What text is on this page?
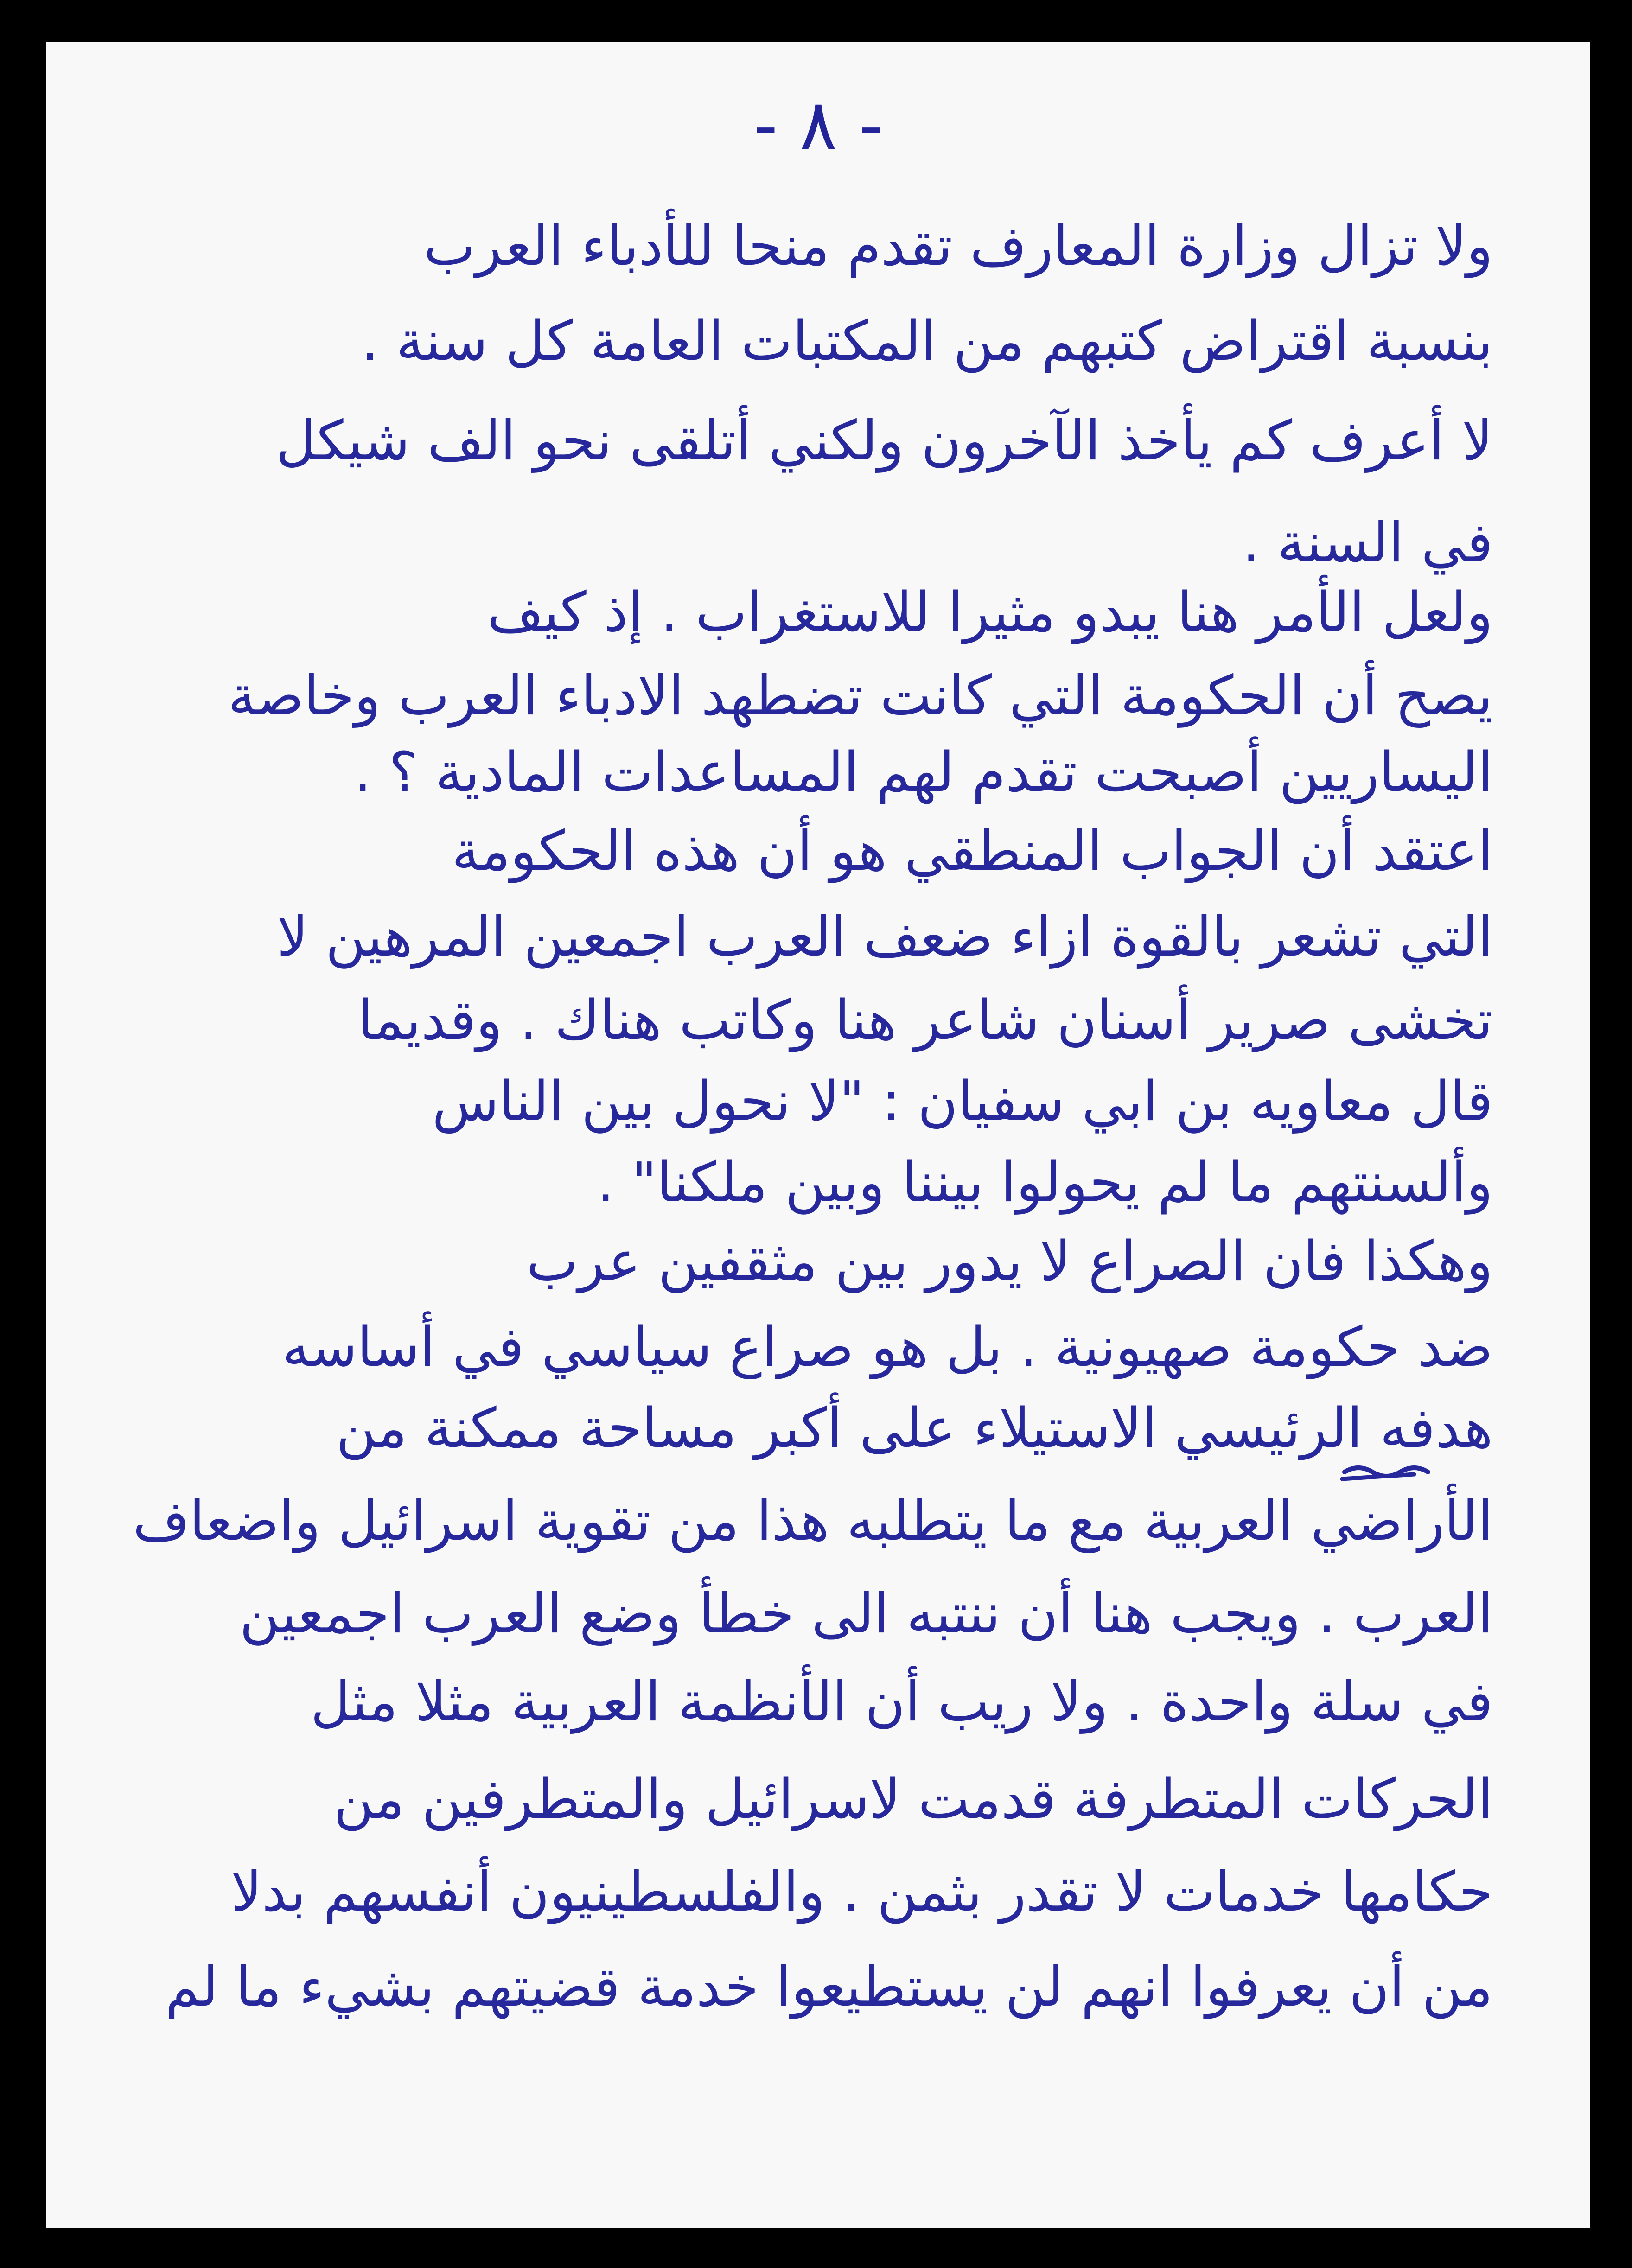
- ٨ -
ولا تزال وزارة المعارف تقدم منحا للأدباء العرب
بنسبة اقتراض كتبهم من المكتبات العامة كل سنة .
لا أعرف كم يأخذ الآخرون ولكني أتلقى نحو الف شيكل
في السنة .
ولعل الأمر هنا يبدو مثيرا للاستغراب . إذ كيف
يصح أن الحكومة التي كانت تضطهد الادباء العرب وخاصة
اليساريين أصبحت تقدم لهم المساعدات المادية ؟ .
اعتقد أن الجواب المنطقي هو أن هذه الحكومة
التي تشعر بالقوة ازاء ضعف العرب اجمعين المرهين لا
تخشى صرير أسنان شاعر هنا وكاتب هناك . وقديما
قال معاويه بن ابي سفيان : "لا نحول بين الناس
وألسنتهم ما لم يحولوا بيننا وبين ملكنا" .
وهكذا فان الصراع لا يدور بين مثقفين عرب
ضد حكومة صهيونية . بل هو صراع سياسي في أساسه
هدفه الرئيسي الاستيلاء على أكبر مساحة ممكنة من
الأراضي العربية مع ما يتطلبه هذا من تقوية اسرائيل واضعاف
العرب . ويجب هنا أن ننتبه الى خطأ وضع العرب اجمعين
في سلة واحدة . ولا ريب أن الأنظمة العربية مثلا مثل
الحركات المتطرفة قدمت لاسرائيل والمتطرفين من
حكامها خدمات لا تقدر بثمن . والفلسطينيون أنفسهم بدلا
من أن يعرفوا انهم لن يستطيعوا خدمة قضيتهم بشيء ما لم
